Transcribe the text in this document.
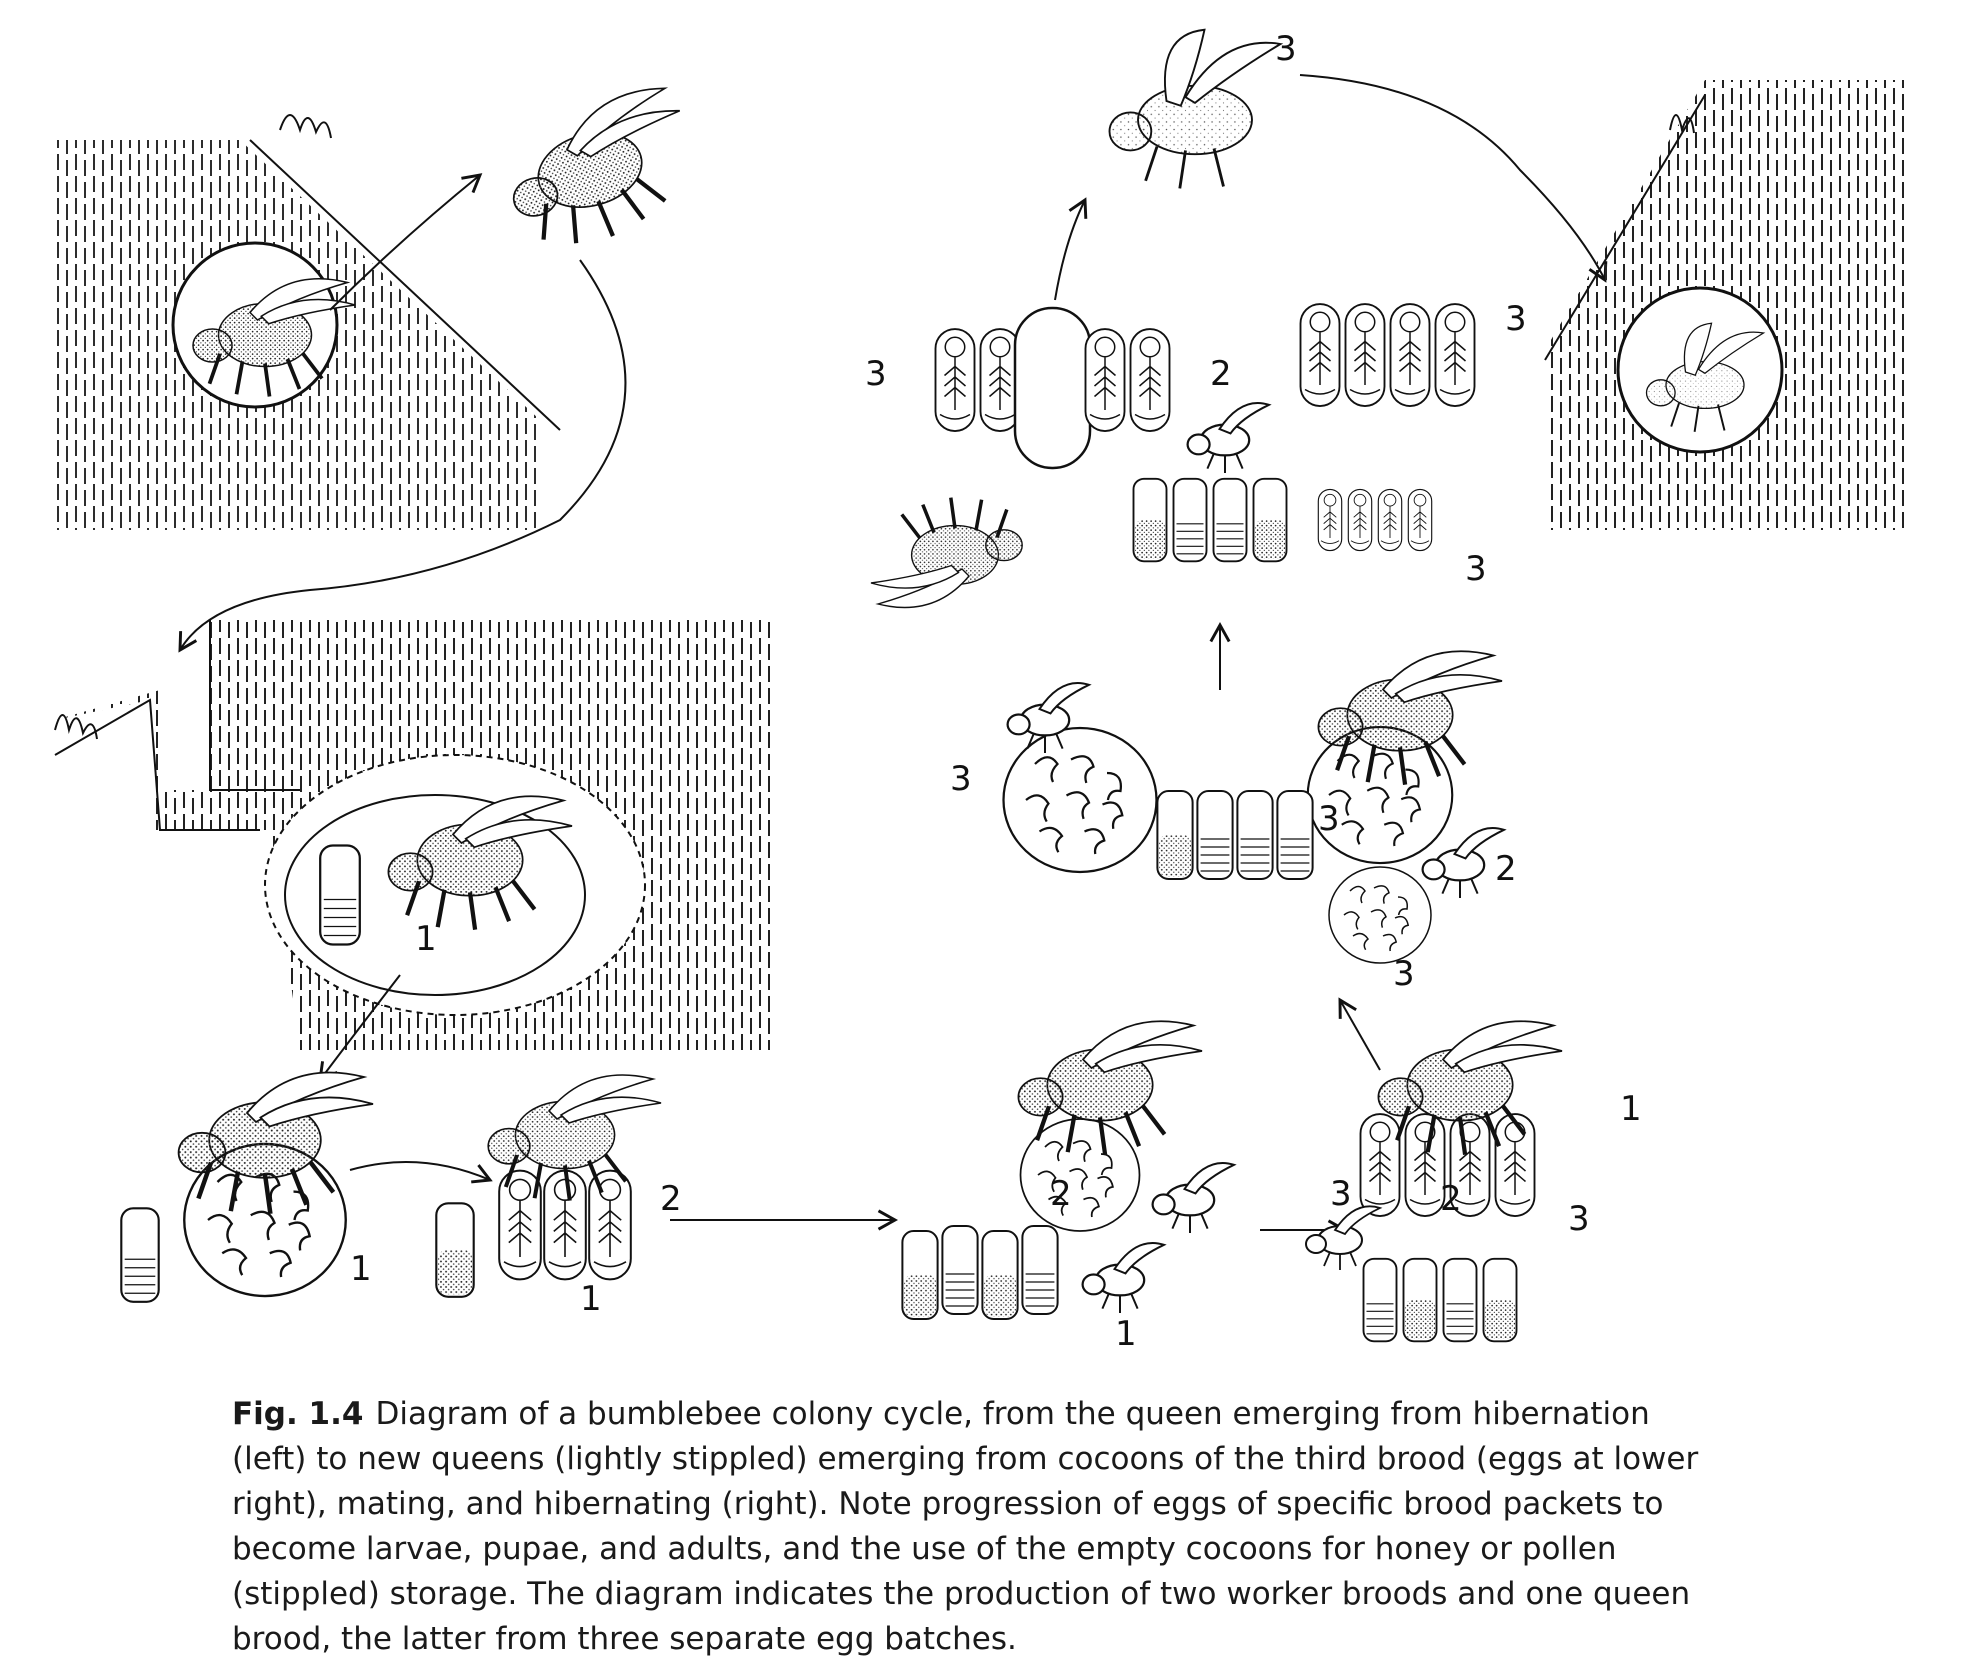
1
1
2
1
2
1
1
3	2	3
3
3
2
3
3	2
3
3
3
Fig. 1.4 Diagram of a bumblebee colony cycle, from the queen emerging from hibernation (left) to new queens (lightly stippled) emerging from cocoons of the third brood (eggs at lower right), mating, and hibernating (right). Note progression of eggs of specific brood packets to become larvae, pupae, and adults, and the use of the empty cocoons for honey or pollen (stippled) storage. The diagram indicates the production of two worker broods and one queen brood, the latter from three separate egg batches.
